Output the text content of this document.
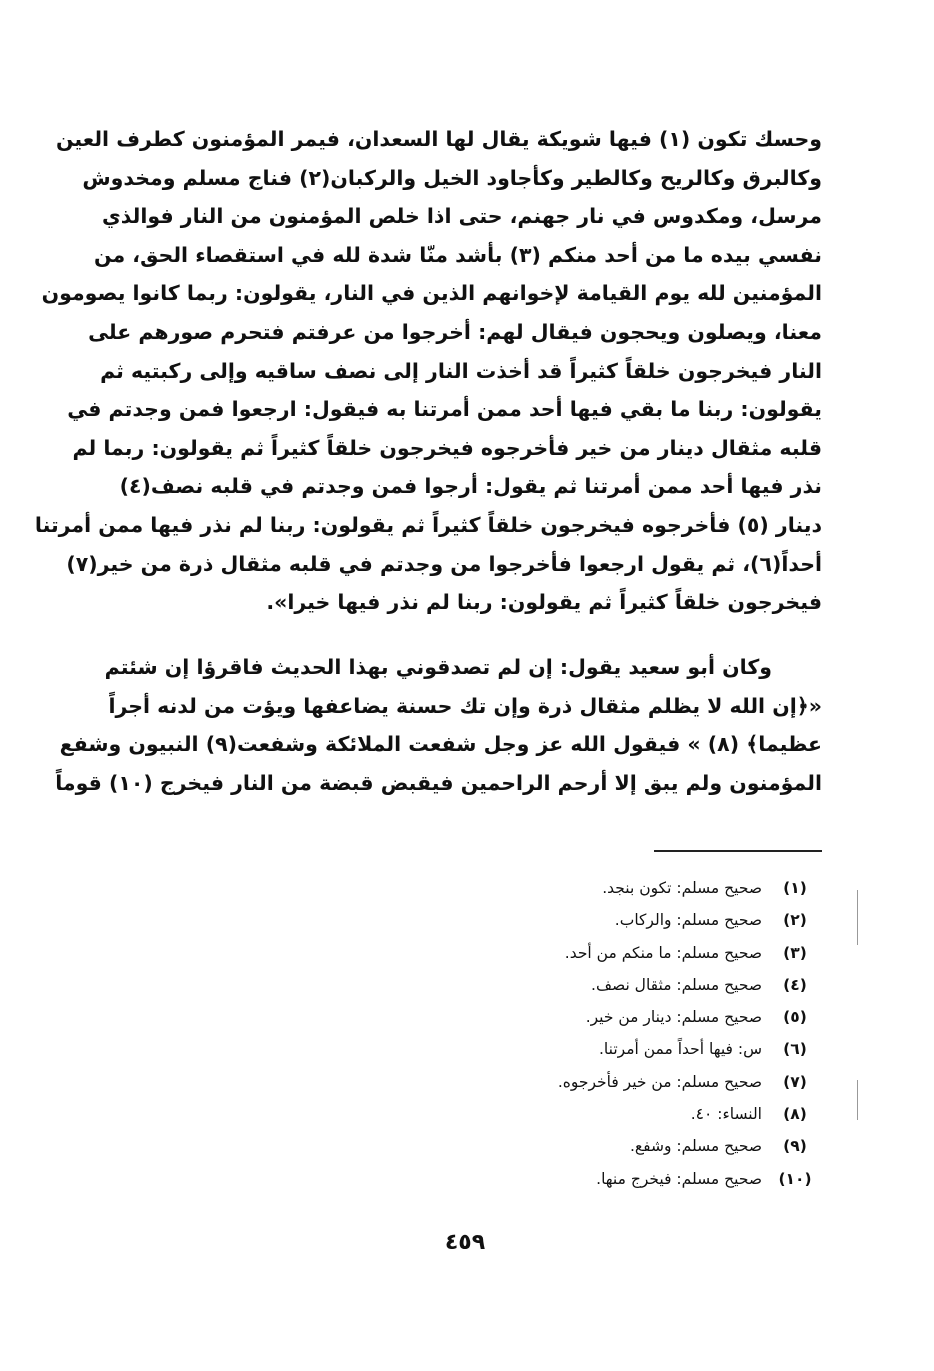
وحسك تكون (١) فيها شويكة يقال لها السعدان، فيمر المؤمنون كطرف العين
وكالبرق وكالريح وكالطير وكأجاود الخيل والركبان(٢) فناج مسلم ومخدوش
مرسل، ومكدوس في نار جهنم، حتى اذا خلص المؤمنون من النار فوالذي
نفسي بيده ما من أحد منكم (٣) بأشد منّا شدة لله في استقصاء الحق، من
المؤمنين لله يوم القيامة لإخوانهم الذين في النار، يقولون: ربما كانوا يصومون
معنا، ويصلون ويحجون فيقال لهم: أخرجوا من عرفتم فتحرم صورهم على
النار فيخرجون خلقاً كثيراً قد أخذت النار إلى نصف ساقيه وإلى ركبتيه ثم
يقولون: ربنا ما بقي فيها أحد ممن أمرتنا به فيقول: ارجعوا فمن وجدتم في
قلبه مثقال دينار من خير فأخرجوه فيخرجون خلقاً كثيراً ثم يقولون: ربما لم
نذر فيها أحد ممن أمرتنا ثم يقول: أرجوا فمن وجدتم في قلبه نصف(٤)
دينار (٥) فأخرجوه فيخرجون خلقاً كثيراً ثم يقولون: ربنا لم نذر فيها ممن أمرتنا
أحداً(٦)، ثم يقول ارجعوا فأخرجوا من وجدتم في قلبه مثقال ذرة من خير(٧)
فيخرجون خلقاً كثيراً ثم يقولون: ربنا لم نذر فيها خيرا».
وكان أبو سعيد يقول: إن لم تصدقوني بهذا الحديث فاقرؤا إن شئتم
«﴿إن الله لا يظلم مثقال ذرة وإن تك حسنة يضاعفها ويؤت من لدنه أجراً
عظيما﴾ (٨) » فيقول الله عز وجل شفعت الملائكة وشفعت(٩) النبيون وشفع
المؤمنون ولم يبق إلا أرحم الراحمين فيقبض قبضة من النار فيخرج (١٠) قوماً
(١)
صحيح مسلم: تكون بنجد.
(٢)
صحيح مسلم: والركاب.
(٣)
صحيح مسلم: ما منكم من أحد.
(٤)
صحيح مسلم: مثقال نصف.
(٥)
صحيح مسلم: دينار من خير.
(٦)
س: فيها أحداً ممن أمرتنا.
(٧)
صحيح مسلم: من خير فأخرجوه.
(٨)
النساء: ٤٠.
(٩)
صحيح مسلم: وشفع.
(١٠)
صحيح مسلم: فيخرج منها.
٤٥٩
